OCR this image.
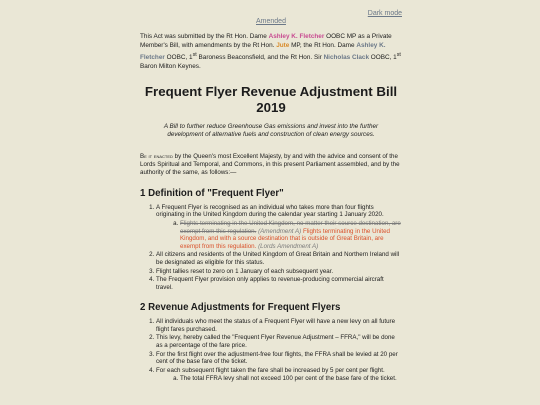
Dark mode
Amended

This Act was submitted by the Rt Hon. Dame Ashley K. Fletcher OOBC MP as a Private Member's Bill, with amendments by the Rt Hon. Jute MP, the Rt Hon. Dame Ashley K. Fletcher OOBC, 1st Baroness Beaconsfield, and the Rt Hon. Sir Nicholas Clack OOBC, 1st Baron Milton Keynes.

Frequent Flyer Revenue Adjustment Bill 2019

A Bill to further reduce Greenhouse Gas emissions and invest into the further development of alternative fuels and construction of clean energy sources.

Be it enacted by the Queen's most Excellent Majesty, by and with the advice and consent of the Lords Spiritual and Temporal, and Commons, in this present Parliament assembled, and by the authority of the same, as follows:—

1 Definition of "Frequent Flyer"
1. A Frequent Flyer is recognised as an individual who takes more than four flights originating in the United Kingdom during the calendar year starting 1 January 2020.
a. Flights terminating in the United Kingdom, no matter their source destination, are exempt from this regulation. (Amendment A) Flights terminating in the United Kingdom, and with a source destination that is outside of Great Britain, are exempt from this regulation. (Lords Amendment A)
2. All citizens and residents of the United Kingdom of Great Britain and Northern Ireland will be designated as eligible for this status.
3. Flight tallies reset to zero on 1 January of each subsequent year.
4. The Frequent Flyer provision only applies to revenue-producing commercial aircraft travel.
2 Revenue Adjustments for Frequent Flyers
1. All individuals who meet the status of a Frequent Flyer will have a new levy on all future flight fares purchased.
2. This levy, hereby called the "Frequent Flyer Revenue Adjustment – FFRA," will be done as a percentage of the fare price.
3. For the first flight over the adjustment-free four flights, the FFRA shall be levied at 20 per cent of the base fare of the ticket.
4. For each subsequent flight taken the fare shall be increased by 5 per cent per flight.
a. The total FFRA levy shall not exceed 100 per cent of the base fare of the ticket.
